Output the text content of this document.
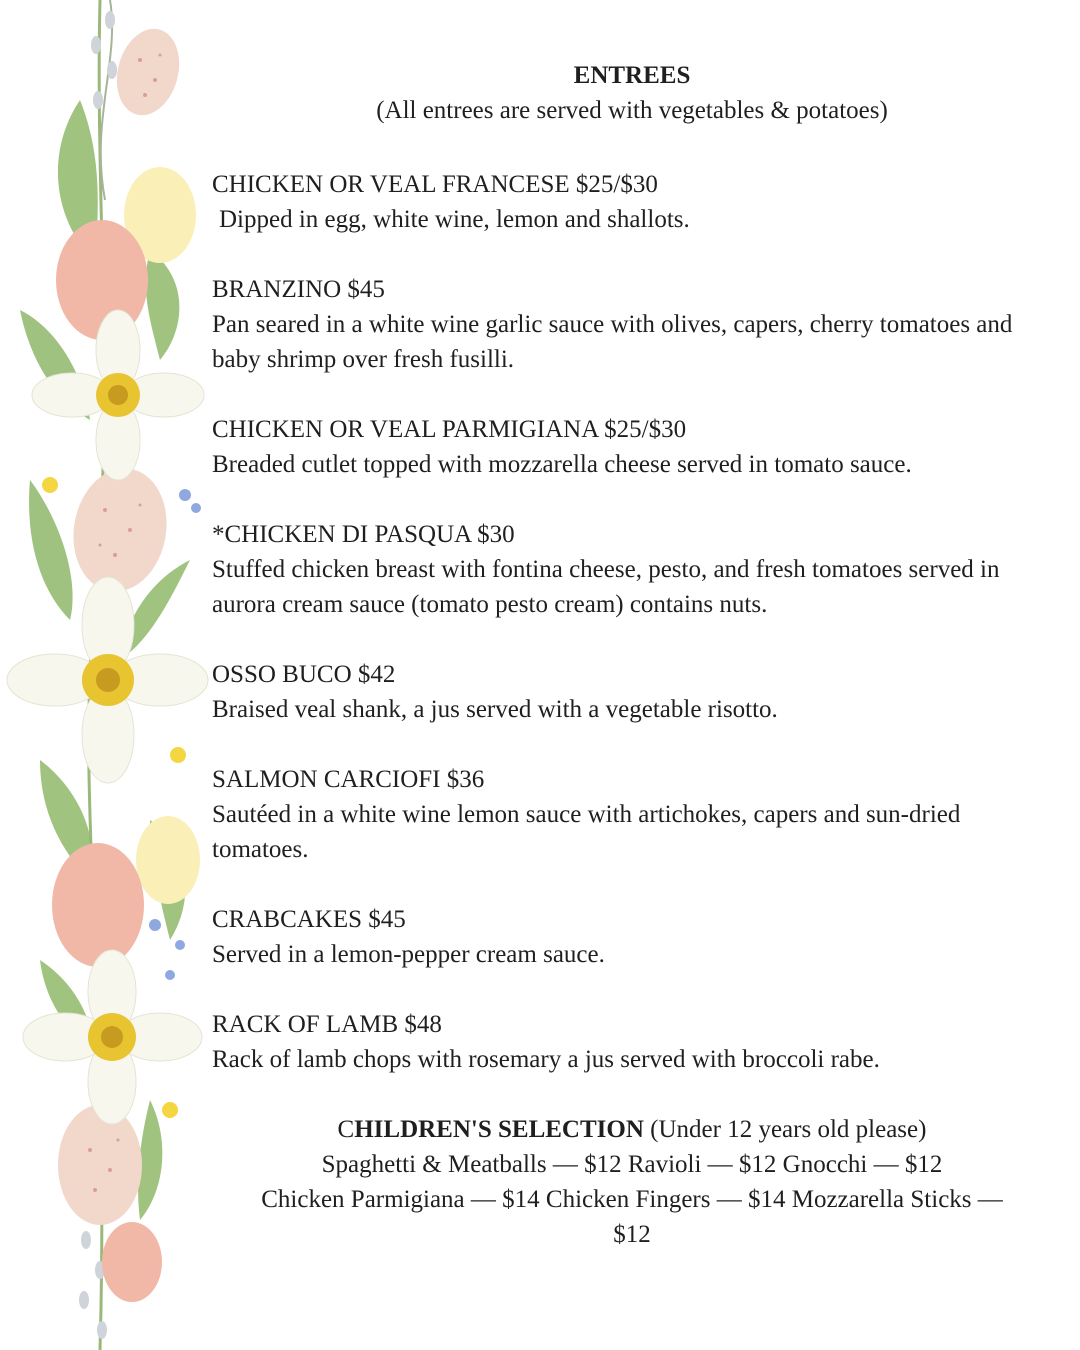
ENTREES
(All entrees are served with vegetables & potatoes)
CHICKEN OR VEAL FRANCESE $25/$30
Dipped in egg, white wine, lemon and shallots.
BRANZINO $45
Pan seared in a white wine garlic sauce with olives, capers, cherry tomatoes and baby shrimp over fresh fusilli.
CHICKEN OR VEAL PARMIGIANA $25/$30
Breaded cutlet topped with mozzarella cheese served in tomato sauce.
*CHICKEN DI PASQUA $30
Stuffed chicken breast with fontina cheese, pesto, and fresh tomatoes served in aurora cream sauce (tomato pesto cream) contains nuts.
OSSO BUCO $42
Braised veal shank, a jus served with a vegetable risotto.
SALMON CARCIOFI $36
Sautéed in a white wine lemon sauce with artichokes, capers and sun-dried tomatoes.
CRABCAKES $45
Served in a lemon-pepper cream sauce.
RACK OF LAMB $48
Rack of lamb chops with rosemary a jus served with broccoli rabe.
CHILDREN'S SELECTION (Under 12 years old please)
Spaghetti & Meatballs — $12 Ravioli — $12 Gnocchi — $12
Chicken Parmigiana — $14 Chicken Fingers — $14 Mozzarella Sticks —
$12
